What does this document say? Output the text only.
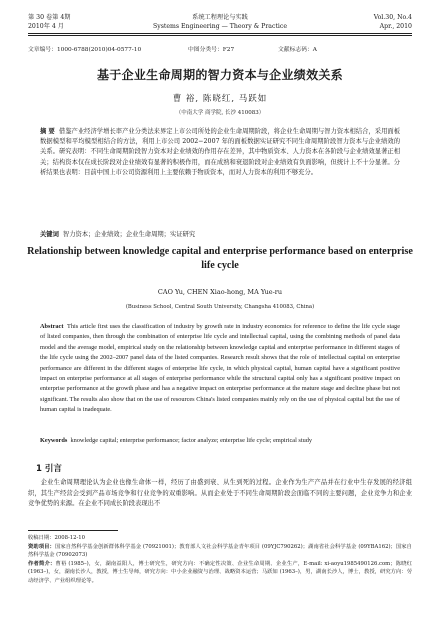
第 30 卷第 4期	系统工程理论与实践	Vol.30, No.4
2010年 4 月	Systems Engineering — Theory & Practice	Apr., 2010
文章编号：1000-6788(2010)04-0577-10	中图分类号：F27	文献标志码：A
基于企业生命周期的智力资本与企业绩效关系
曹 裕, 陈晓红, 马跃如
（中南大学 商学院, 长沙 410083）
摘 要 借鉴产业经济学增长率产业分类法来界定上市公司所处的企业生命周期阶段，将企业生命周期与智力资本相结合，采用面板数据模型和平均模型相结合的方法，利用上市公司 2002−2007 年的面板数据实证研究不同生命周期阶段智力资本与企业绩效的关系。研究表明：不同生命周期阶段智力资本对企业绩效的作用存在差异，其中物质资本、人力资本在各阶段与企业绩效显著正相关；结构资本仅在成长阶段对企业绩效有显著的积极作用，而在成熟和衰退阶段对企业绩效有负面影响，但统计上不十分显著。分析结果也表明：目前中国上市公司资源利用上主要依赖于物质资本，而对人力资本的利用不够充分。
关键词 智力资本；企业绩效；企业生命周期；实证研究
Relationship between knowledge capital and enterprise performance based on enterprise life cycle
CAO Yu, CHEN Xiao-hong, MA Yue-ru
(Business School, Central South University, Changsha 410083, China)
Abstract This article first uses the classification of industry by growth rate in industry economics for reference to define the life cycle stage of listed companies, then through the combination of enterprise life cycle and intellectual capital, using the combining methods of panel data model and the average model, empirical study on the relationship between knowledge capital and enterprise performance in different stages of the life cycle using the 2002–2007 panel data of the listed companies. Research result shows that the role of intellectual capital on enterprise performance are different in the different stages of enterprise life cycle, in which physical capital, human capital have a significant positive impact on enterprise performance at all stages of enterprise performance while the structural capital only has a significant positive impact on enterprise performance at the growth phase and has a negative impact on enterprise performance at the mature stage and decline phase but not significant. The results also show that on the use of resources China's listed companies mainly rely on the use of physical capital but the use of human capital is inadequate.
Keywords knowledge capital; enterprise performance; factor analyze; enterprise life cycle; empirical study
1 引言
企业生命周期理论认为企业也像生命体一样，经历了由盛到衰、从生到死的过程。企业作为生产产品并在行业中生存发展的经济组织，其生产经营会受到产品市场竞争和行业竞争的双重影响。从而企业处于不同生命周期阶段会面临不同的主要问题，企业竞争力和企业竞争优势的来源。在企业不同成长阶段表现出不
收稿日期：2008-12-10
资助项目：国家自然科学基金创新群体科学基金 (70921001)；教育部人文社会科学基金青年项目 (09YJC790262)；湖南省社会科学基金 (09YBA162)；国家自然科学基金 (70902073)
作者简介：曹裕 (1985–)，女，湖南益阳人，博士研究生，研究方向：不确定性决策、企业生命周期、企业生产，E-mail: xi-aoyu1985490126.com；陈晓红 (1963–)，女，湖南长沙人，教授，博士生导师，研究方向：中小企业融资与治理、战略资本运营；马跃如 (1963–)，男，湖南长沙人，博士，教授，研究方向：劳动经济学、产业组织理论等。
